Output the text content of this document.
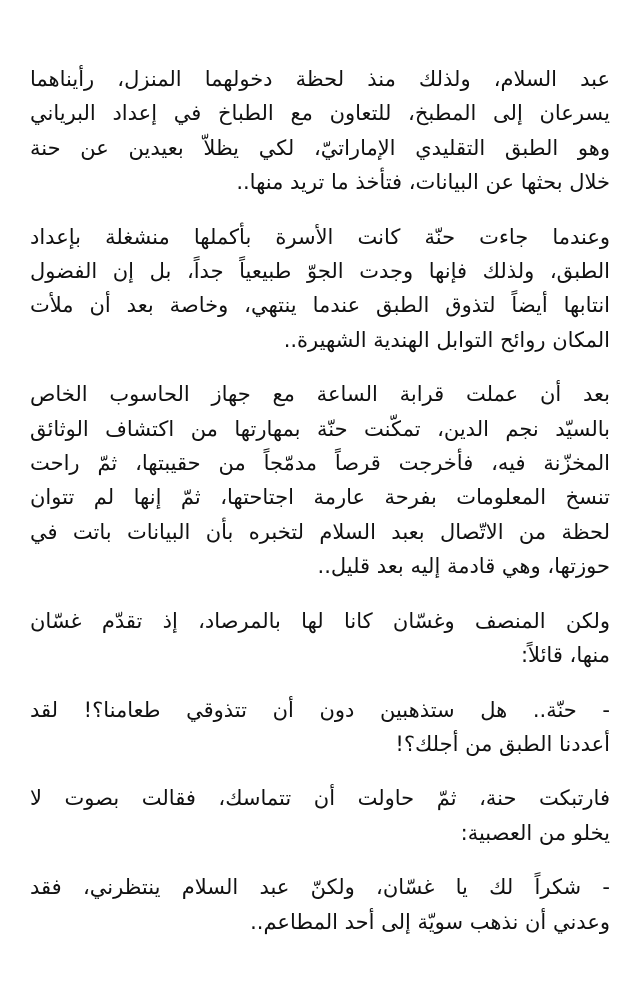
عبد السلام، ولذلك منذ لحظة دخولهما المنزل، رأيناهما
يسرعان إلى المطبخ، للتعاون مع الطباخ في إعداد البرياني
وهو الطبق التقليدي الإماراتيّ، لكي يظلاّ بعيدين عن حنة
خلال بحثها عن البيانات، فتأخذ ما تريد منها..

وعندما جاءت حنّة كانت الأسرة بأكملها منشغلة بإعداد
الطبق، ولذلك فإنها وجدت الجوّ طبيعياً جداً، بل إن الفضول
انتابها أيضاً لتذوق الطبق عندما ينتهي، وخاصة بعد أن ملأت
المكان روائح التوابل الهندية الشهيرة..

بعد أن عملت قرابة الساعة مع جهاز الحاسوب الخاص
بالسيّد نجم الدين، تمكّنت حنّة بمهارتها من اكتشاف الوثائق
المخزّنة فيه، فأخرجت قرصاً مدمّجاً من حقيبتها، ثمّ راحت
تنسخ المعلومات بفرحة عارمة اجتاحتها، ثمّ إنها لم تتوان
لحظة من الاتّصال بعبد السلام لتخبره بأن البيانات باتت في
حوزتها، وهي قادمة إليه بعد قليل..

ولكن المنصف وغسّان كانا لها بالمرصاد، إذ تقدّم غسّان
منها، قائلاً:

- حنّة.. هل ستذهبين دون أن تتذوقي طعامنا؟! لقد
أعددنا الطبق من أجلك؟!

فارتبكت حنة، ثمّ حاولت أن تتماسك، فقالت بصوت لا
يخلو من العصبية:

- شكراً لك يا غسّان، ولكنّ عبد السلام ينتظرني، فقد
وعدني أن نذهب سويّة إلى أحد المطاعم..
